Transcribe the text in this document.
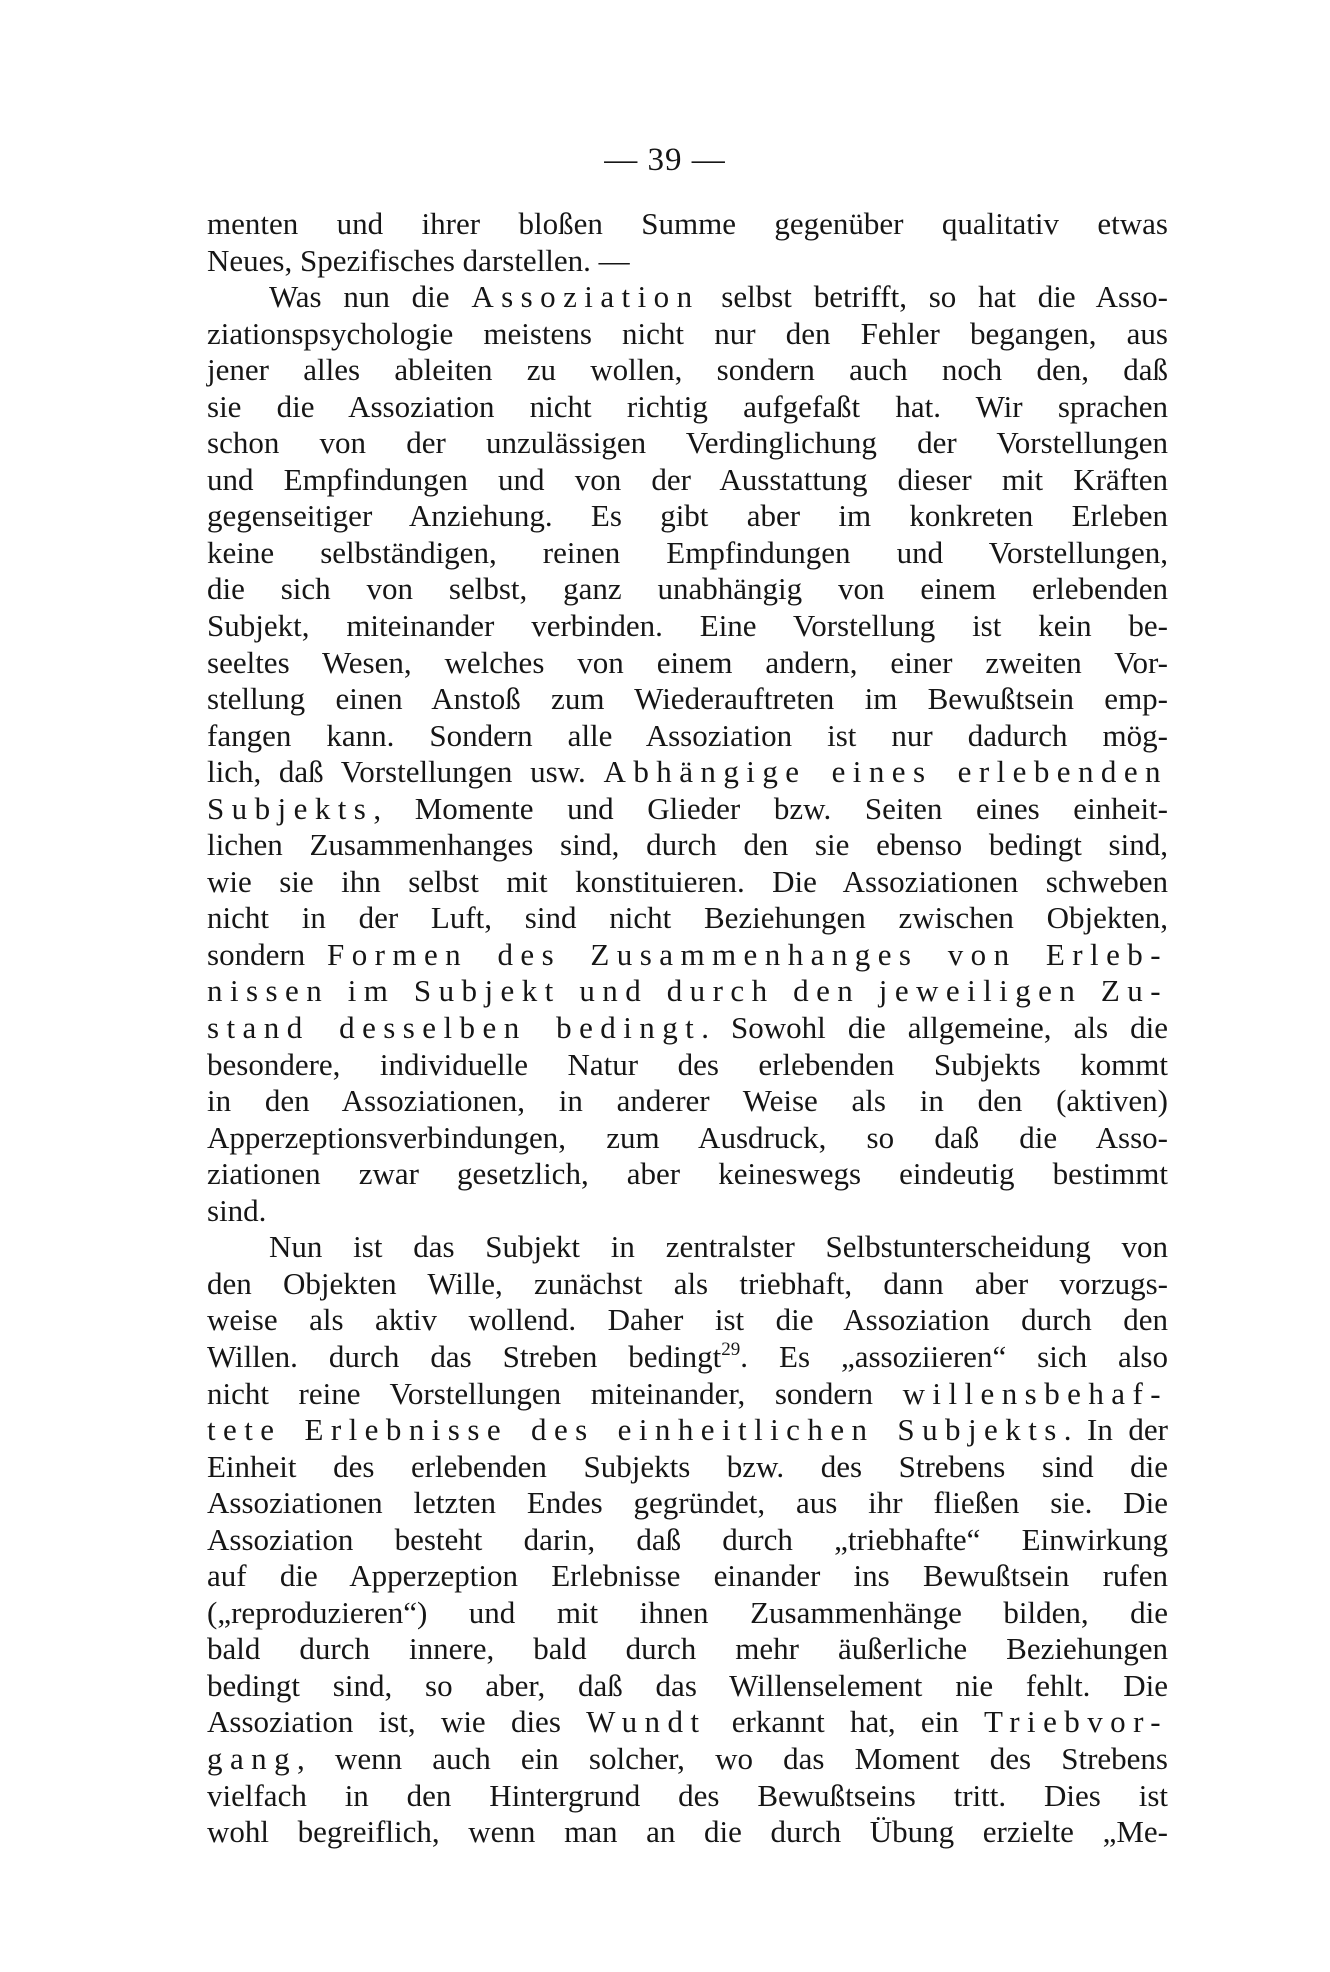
— 39 —
menten und ihrer bloßen Summe gegenüber qualitativ etwas
Neues, Spezifisches darstellen. —
Was nun die Assoziation selbst betrifft, so hat die Asso-
ziationspsychologie meistens nicht nur den Fehler begangen, aus
jener alles ableiten zu wollen, sondern auch noch den, daß
sie die Assoziation nicht richtig aufgefaßt hat. Wir sprachen
schon von der unzulässigen Verdinglichung der Vorstellungen
und Empfindungen und von der Ausstattung dieser mit Kräften
gegenseitiger Anziehung. Es gibt aber im konkreten Erleben
keine selbständigen, reinen Empfindungen und Vorstellungen,
die sich von selbst, ganz unabhängig von einem erlebenden
Subjekt, miteinander verbinden. Eine Vorstellung ist kein be-
seeltes Wesen, welches von einem andern, einer zweiten Vor-
stellung einen Anstoß zum Wiederauftreten im Bewußtsein emp-
fangen kann. Sondern alle Assoziation ist nur dadurch mög-
lich, daß Vorstellungen usw. Abhängige eines erlebenden
Subjekts, Momente und Glieder bzw. Seiten eines einheit-
lichen Zusammenhanges sind, durch den sie ebenso bedingt sind,
wie sie ihn selbst mit konstituieren. Die Assoziationen schweben
nicht in der Luft, sind nicht Beziehungen zwischen Objekten,
sondern Formen des Zusammenhanges von Erleb-
nissen im Subjekt und durch den jeweiligen Zu-
stand desselben bedingt. Sowohl die allgemeine, als die
besondere, individuelle Natur des erlebenden Subjekts kommt
in den Assoziationen, in anderer Weise als in den (aktiven)
Apperzeptionsverbindungen, zum Ausdruck, so daß die Asso-
ziationen zwar gesetzlich, aber keineswegs eindeutig bestimmt
sind.
Nun ist das Subjekt in zentralster Selbstunterscheidung von
den Objekten Wille, zunächst als triebhaft, dann aber vorzugs-
weise als aktiv wollend. Daher ist die Assoziation durch den
Willen. durch das Streben bedingt$^{29}$. Es „assoziieren“ sich also
nicht reine Vorstellungen miteinander, sondern willensbehaf-
tete Erlebnisse des einheitlichen Subjekts. In der
Einheit des erlebenden Subjekts bzw. des Strebens sind die
Assoziationen letzten Endes gegründet, aus ihr fließen sie. Die
Assoziation besteht darin, daß durch „triebhafte“ Einwirkung
auf die Apperzeption Erlebnisse einander ins Bewußtsein rufen
(„reproduzieren“) und mit ihnen Zusammenhänge bilden, die
bald durch innere, bald durch mehr äußerliche Beziehungen
bedingt sind, so aber, daß das Willenselement nie fehlt. Die
Assoziation ist, wie dies Wundt erkannt hat, ein Triebvor-
gang, wenn auch ein solcher, wo das Moment des Strebens
vielfach in den Hintergrund des Bewußtseins tritt. Dies ist
wohl begreiflich, wenn man an die durch Übung erzielte „Me-
